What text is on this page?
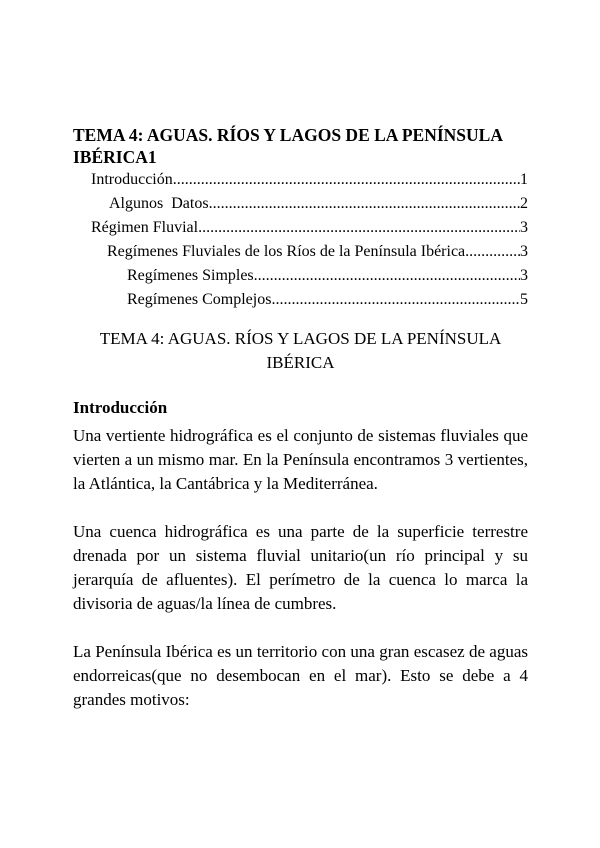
TEMA 4: AGUAS. RÍOS Y LAGOS DE LA PENÍNSULA
IBÉRICA 1
Introducción .....	1
Algunos  Datos .....	2
Régimen Fluvial .....	3
Regímenes Fluviales de los Ríos de la Península Ibérica .....	3
Regímenes Simples .....	3
Regímenes Complejos .....	5
TEMA 4: AGUAS. RÍOS Y LAGOS DE LA PENÍNSULA IBÉRICA
Introducción

Una vertiente hidrográfica es el conjunto de sistemas fluviales que vierten a un mismo mar. En la Península encontramos 3 vertientes, la Atlántica, la Cantábrica y la Mediterránea.

Una cuenca hidrográfica es una parte de la superficie terrestre drenada por un sistema fluvial unitario(un río principal y su jerarquía de afluentes). El perímetro de la cuenca lo marca la divisoria de aguas/la línea de cumbres.

La Península Ibérica es un territorio con una gran escasez de aguas endorreicas(que no desembocan en el mar). Esto se debe a 4 grandes motivos:
